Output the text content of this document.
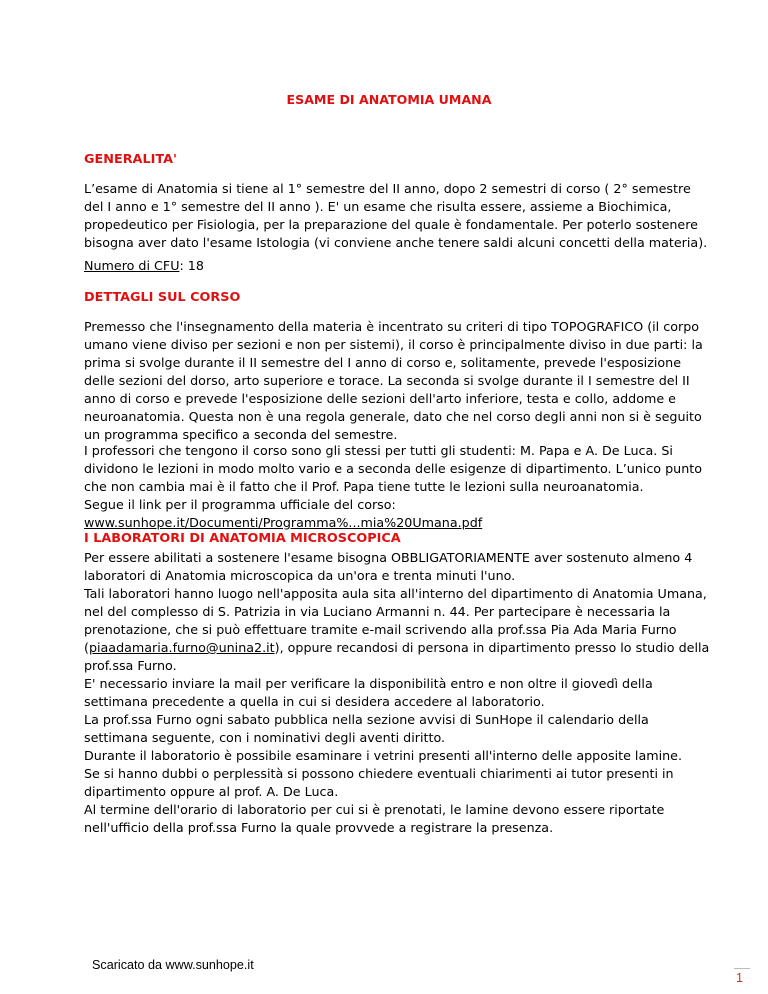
ESAME DI ANATOMIA UMANA
GENERALITA'
L’esame di Anatomia si tiene al 1° semestre del II anno, dopo 2 semestri di corso ( 2° semestre
del I anno e 1° semestre del II anno ). E' un esame che risulta essere, assieme a Biochimica,
propedeutico per Fisiologia, per la preparazione del quale è fondamentale. Per poterlo sostenere
bisogna aver dato l'esame Istologia (vi conviene anche tenere saldi alcuni concetti della materia).
Numero di CFU: 18
DETTAGLI SUL CORSO
Premesso che l'insegnamento della materia è incentrato su criteri di tipo TOPOGRAFICO (il corpo
umano viene diviso per sezioni e non per sistemi), il corso è principalmente diviso in due parti: la
prima si svolge durante il II semestre del I anno di corso e, solitamente, prevede l'esposizione
delle sezioni del dorso, arto superiore e torace. La seconda si svolge durante il I semestre del II
anno di corso e prevede l'esposizione delle sezioni dell'arto inferiore, testa e collo, addome e
neuroanatomia. Questa non è una regola generale, dato che nel corso degli anni non si è seguito
un programma specifico a seconda del semestre.
I professori che tengono il corso sono gli stessi per tutti gli studenti: M. Papa e A. De Luca. Si
dividono le lezioni in modo molto vario e a seconda delle esigenze di dipartimento. L’unico punto
che non cambia mai è il fatto che il Prof. Papa tiene tutte le lezioni sulla neuroanatomia.
Segue il link per il programma ufficiale del corso:
www.sunhope.it/Documenti/Programma%...mia%20Umana.pdf
I LABORATORI DI ANATOMIA MICROSCOPICA
Per essere abilitati a sostenere l'esame bisogna OBBLIGATORIAMENTE aver sostenuto almeno 4
laboratori di Anatomia microscopica da un'ora e trenta minuti l'uno.
Tali laboratori hanno luogo nell'apposita aula sita all'interno del dipartimento di Anatomia Umana,
nel del complesso di S. Patrizia in via Luciano Armanni n. 44. Per partecipare è necessaria la
prenotazione, che si può effettuare tramite e-mail scrivendo alla prof.ssa Pia Ada Maria Furno
(piaadamaria.furno@unina2.it), oppure recandosi di persona in dipartimento presso lo studio della
prof.ssa Furno.
E' necessario inviare la mail per verificare la disponibilità entro e non oltre il giovedì della
settimana precedente a quella in cui si desidera accedere al laboratorio.
La prof.ssa Furno ogni sabato pubblica nella sezione avvisi di SunHope il calendario della
settimana seguente, con i nominativi degli aventi diritto.
Durante il laboratorio è possibile esaminare i vetrini presenti all'interno delle apposite lamine.
Se si hanno dubbi o perplessità si possono chiedere eventuali chiarimenti ai tutor presenti in
dipartimento oppure al prof. A. De Luca.
Al termine dell'orario di laboratorio per cui si è prenotati, le lamine devono essere riportate
nell'ufficio della prof.ssa Furno la quale provvede a registrare la presenza.
Scaricato da www.sunhope.it
1
